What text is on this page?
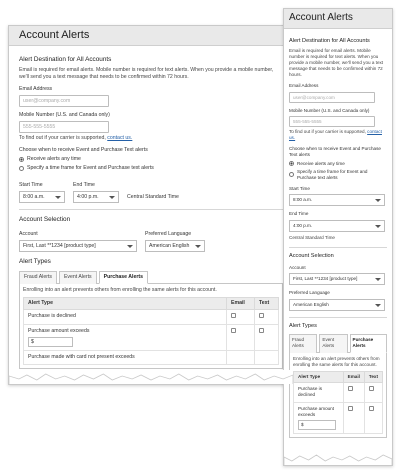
Account Alerts
Alert Destination for All Accounts
Email is required for email alerts. Mobile number is required for text alerts. When you provide a mobile number, we'll send you a text message that needs to be confirmed within 72 hours.
Email Address
user@company.com
Mobile Number (U.S. and Canada only)
555-555-5555
To find out if your carrier is supported, contact us.
Choose when to receive Event and Purchase Text alerts
Receive alerts any time
Specify a time frame for Event and Purchase text alerts
Start Time
8:00 a.m.
End Time
4:00 p.m.	Central Standard Time
Account Selection
Account
First, Last **1234 [product type]
Preferred Language
American English
Alert Types
Fraud Alerts	Event Alerts	Purchase Alerts
Enrolling into an alert prevents others from enrolling the same alerts for this account.
Alert Type	Email	Text
Purchase is declined		

Purchase amount exceeds
$		

Purchase made with card not present exceeds		
Account Alerts
Alert Destination for All Accounts
Email is required for email alerts. Mobile number is required for text alerts. When you provide a mobile number, we'll send you a text message that needs to be confirmed within 72 hours.
Email Address
user@company.com
Mobile Number (U.S. and Canada only)
555-555-5555
To find out if your carrier is supported, contact us.
Choose when to receive Event and Purchase Text alerts
Receive alerts any time
Specify a time frame for Event and Purchase text alerts
Start Time
8:00 a.m.
End Time
4:00 p.m.
Central Standard Time
Account Selection
Account
First, Last **1234 [product type]
Preferred Language
American English
Alert Types
Fraud Alerts
Event Alerts
Purchase Alerts
Enrolling into an alert prevents others from enrolling the same alerts for this account.
Alert Type	Email	Text
Purchase is declined		

Purchase amount exceeds
$		
